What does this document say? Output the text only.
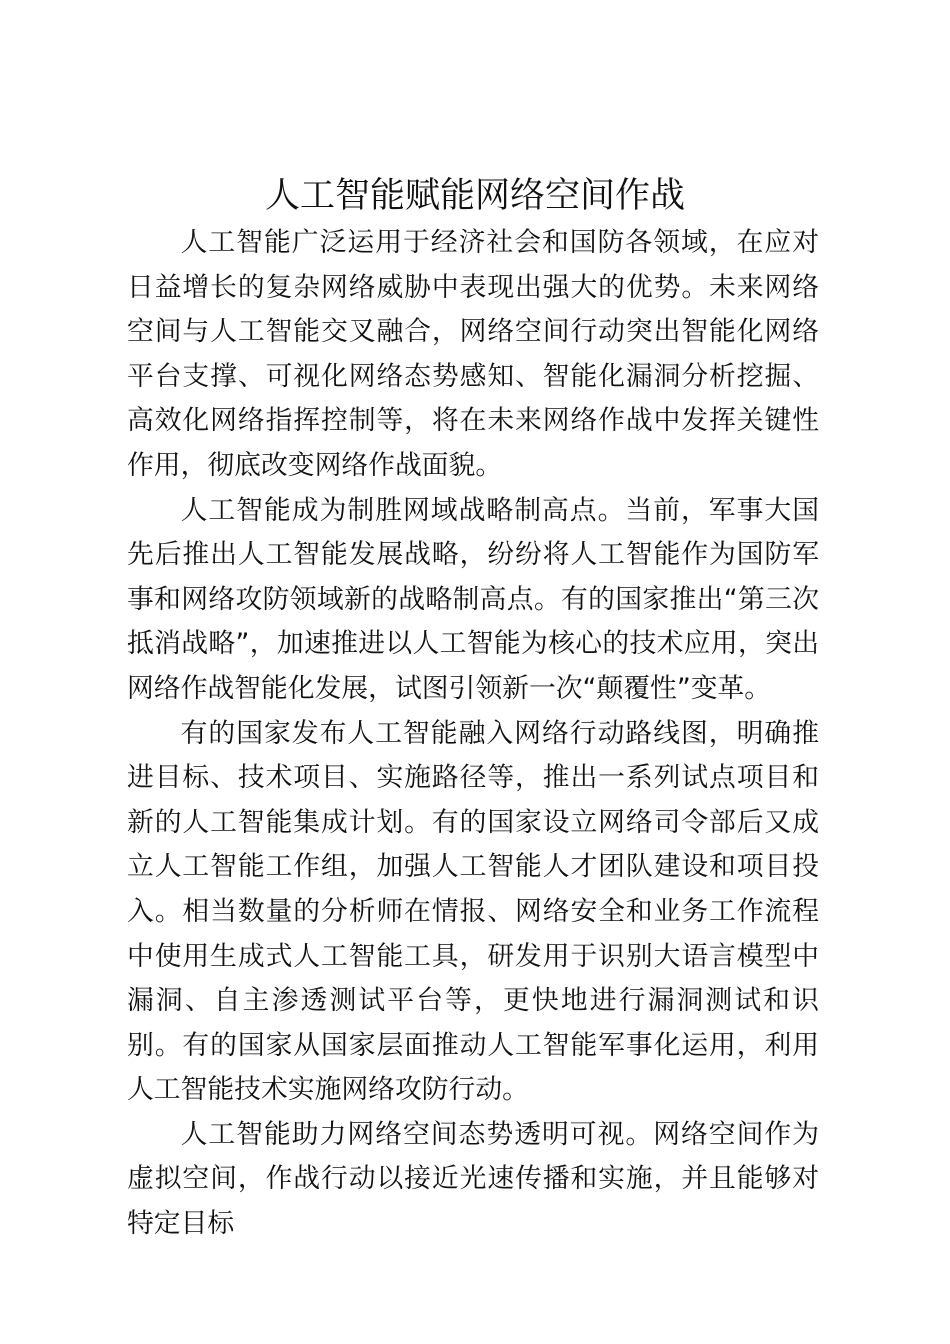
人工智能赋能网络空间作战

人工智能广泛运用于经济社会和国防各领域，在应对日益增长的复杂网络威胁中表现出强大的优势。未来网络空间与人工智能交叉融合，网络空间行动突出智能化网络平台支撑、可视化网络态势感知、智能化漏洞分析挖掘、高效化网络指挥控制等，将在未来网络作战中发挥关键性作用，彻底改变网络作战面貌。

人工智能成为制胜网域战略制高点。当前，军事大国先后推出人工智能发展战略，纷纷将人工智能作为国防军事和网络攻防领域新的战略制高点。有的国家推出“第三次抵消战略”，加速推进以人工智能为核心的技术应用，突出网络作战智能化发展，试图引领新一次“颠覆性”变革。

有的国家发布人工智能融入网络行动路线图，明确推进目标、技术项目、实施路径等，推出一系列试点项目和新的人工智能集成计划。有的国家设立网络司令部后又成立人工智能工作组，加强人工智能人才团队建设和项目投入。相当数量的分析师在情报、网络安全和业务工作流程中使用生成式人工智能工具，研发用于识别大语言模型中漏洞、自主渗透测试平台等，更快地进行漏洞测试和识别。有的国家从国家层面推动人工智能军事化运用，利用人工智能技术实施网络攻防行动。

人工智能助力网络空间态势透明可视。网络空间作为虚拟空间，作战行动以接近光速传播和实施，并且能够对特定目标
